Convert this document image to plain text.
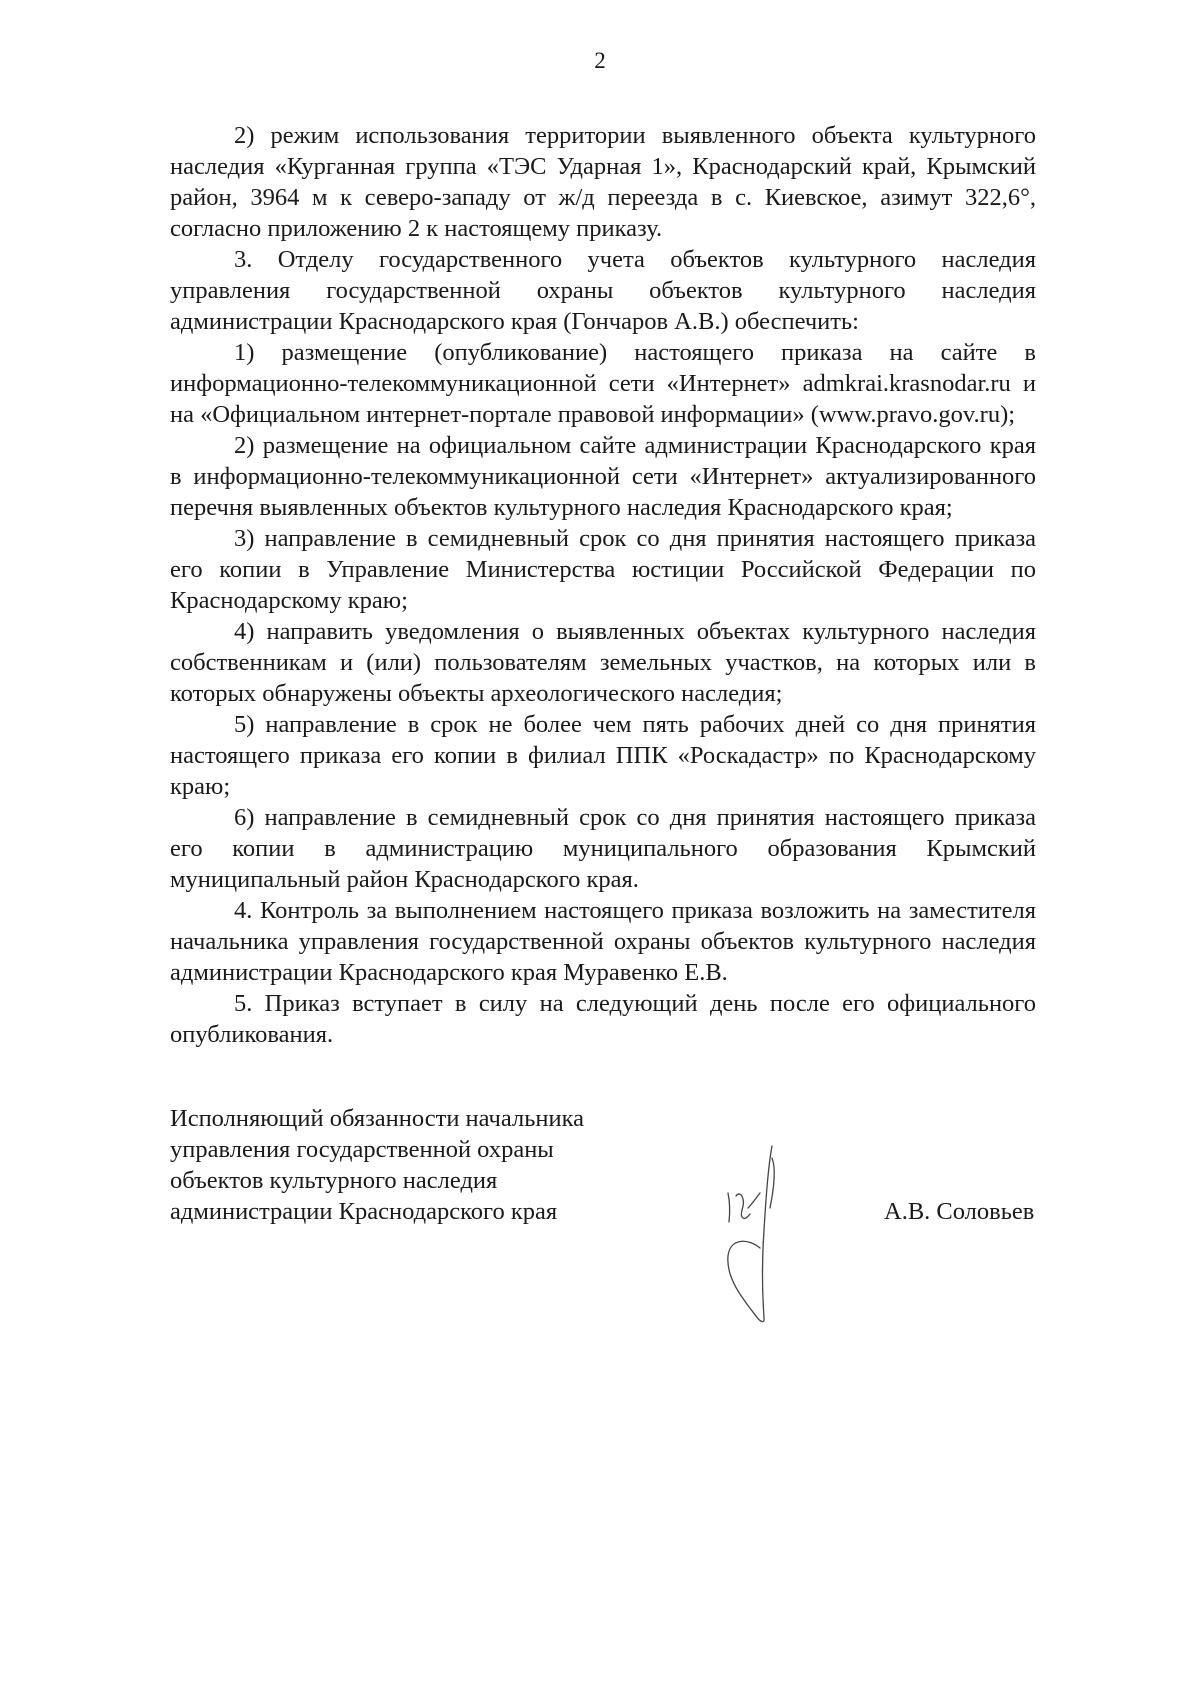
2

2) режим использования территории выявленного объекта культурного наследия «Курганная группа «ТЭС Ударная 1», Краснодарский край, Крымский район, 3964 м к северо-западу от ж/д переезда в с. Киевское, азимут 322,6°, согласно приложению 2 к настоящему приказу.

3. Отделу государственного учета объектов культурного наследия управления государственной охраны объектов культурного наследия администрации Краснодарского края (Гончаров А.В.) обеспечить:

1) размещение (опубликование) настоящего приказа на сайте в информационно-телекоммуникационной сети «Интернет» admkrai.krasnodar.ru и на «Официальном интернет-портале правовой информации» (www.pravo.gov.ru);

2) размещение на официальном сайте администрации Краснодарского края в информационно-телекоммуникационной сети «Интернет» актуализированного перечня выявленных объектов культурного наследия Краснодарского края;

3) направление в семидневный срок со дня принятия настоящего приказа его копии в Управление Министерства юстиции Российской Федерации по Краснодарскому краю;

4) направить уведомления о выявленных объектах культурного наследия собственникам и (или) пользователям земельных участков, на которых или в которых обнаружены объекты археологического наследия;

5) направление в срок не более чем пять рабочих дней со дня принятия настоящего приказа его копии в филиал ППК «Роскадастр» по Краснодарскому краю;

6) направление в семидневный срок со дня принятия настоящего приказа его копии в администрацию муниципального образования Крымский муниципальный район Краснодарского края.

4. Контроль за выполнением настоящего приказа возложить на заместителя начальника управления государственной охраны объектов культурного наследия администрации Краснодарского края Муравенко Е.В.

5. Приказ вступает в силу на следующий день после его официального опубликования.

Исполняющий обязанности начальника
управления государственной охраны
объектов культурного наследия
администрации Краснодарского края	А.В. Соловьев
